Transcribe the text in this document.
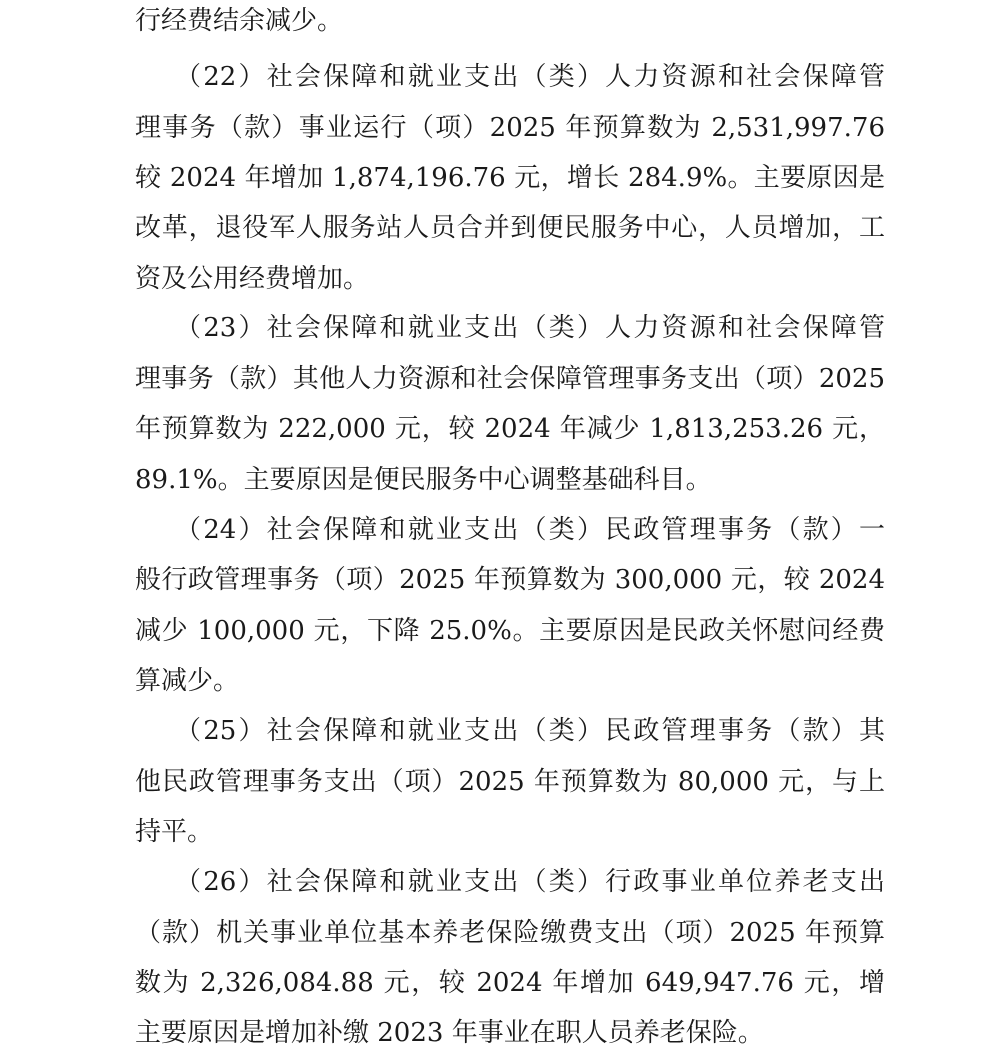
行经费结余减少。
（22）社会保障和就业支出（类）人力资源和社会保障管
理事务（款）事业运行（项）2025 年预算数为 2,531,997.76
较 2024 年增加 1,874,196.76 元，增长 284.9%。主要原因是
改革，退役军人服务站人员合并到便民服务中心，人员增加，工
资及公用经费增加。
（23）社会保障和就业支出（类）人力资源和社会保障管
理事务（款）其他人力资源和社会保障管理事务支出（项）2025
年预算数为 222,000 元，较 2024 年减少 1,813,253.26 元，
89.1%。主要原因是便民服务中心调整基础科目。
（24）社会保障和就业支出（类）民政管理事务（款）一
般行政管理事务（项）2025 年预算数为 300,000 元，较 2024
减少 100,000 元，下降 25.0%。主要原因是民政关怀慰问经费
算减少。
（25）社会保障和就业支出（类）民政管理事务（款）其
他民政管理事务支出（项）2025 年预算数为 80,000 元，与上
持平。
（26）社会保障和就业支出（类）行政事业单位养老支出
（款）机关事业单位基本养老保险缴费支出（项）2025 年预算
数为 2,326,084.88 元，较 2024 年增加 649,947.76 元，增
主要原因是增加补缴 2023 年事业在职人员养老保险。
